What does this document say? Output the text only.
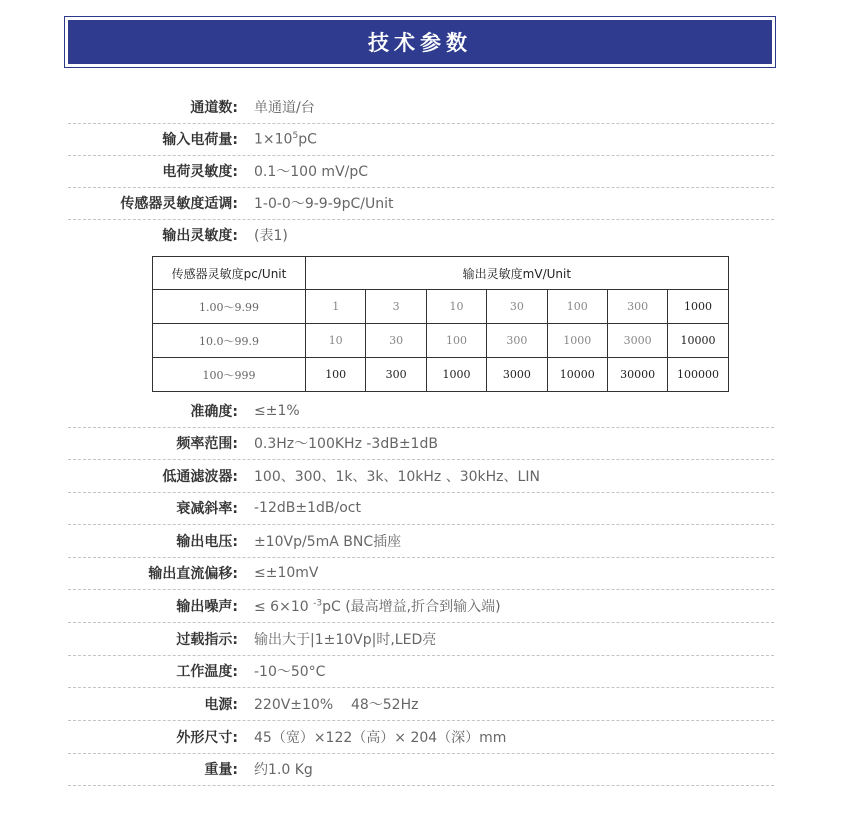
技术参数
通道数: 单通道/台
输入电荷量: $1\times 10^5pC$
电荷灵敏度: 0.1～100 mV/pC
传感器灵敏度适调: 1-0-0～9-9-9pC/Unit
输出灵敏度: (表1)
传感器灵敏度pc/Unit	输出灵敏度mV/Unit						
1.00～9.99	1	3	10	30	100	300	1000
10.0～99.9	10	30	100	300	1000	3000	10000
100～999	100	300	1000	3000	10000	30000	100000
准确度: ≤±1%
频率范围: 0.3Hz～100KHz -3dB±1dB
低通滤波器: 100、300、1k、3k、10kHz 、30kHz、LIN
衰减斜率: -12dB±1dB/oct
输出电压: ±10Vp/5mA BNC插座
输出直流偏移: ≤±10mV
输出噪声: ≤ 6×10 $^{-3}$pC (最高增益,折合到输入端)
过载指示: 输出大于|1±10Vp|时,LED亮
工作温度: -10～50°C
电源: 220V±10%    48～52Hz
外形尺寸: 45（宽）×122（高）× 204（深）mm
重量: 约1.0 Kg
